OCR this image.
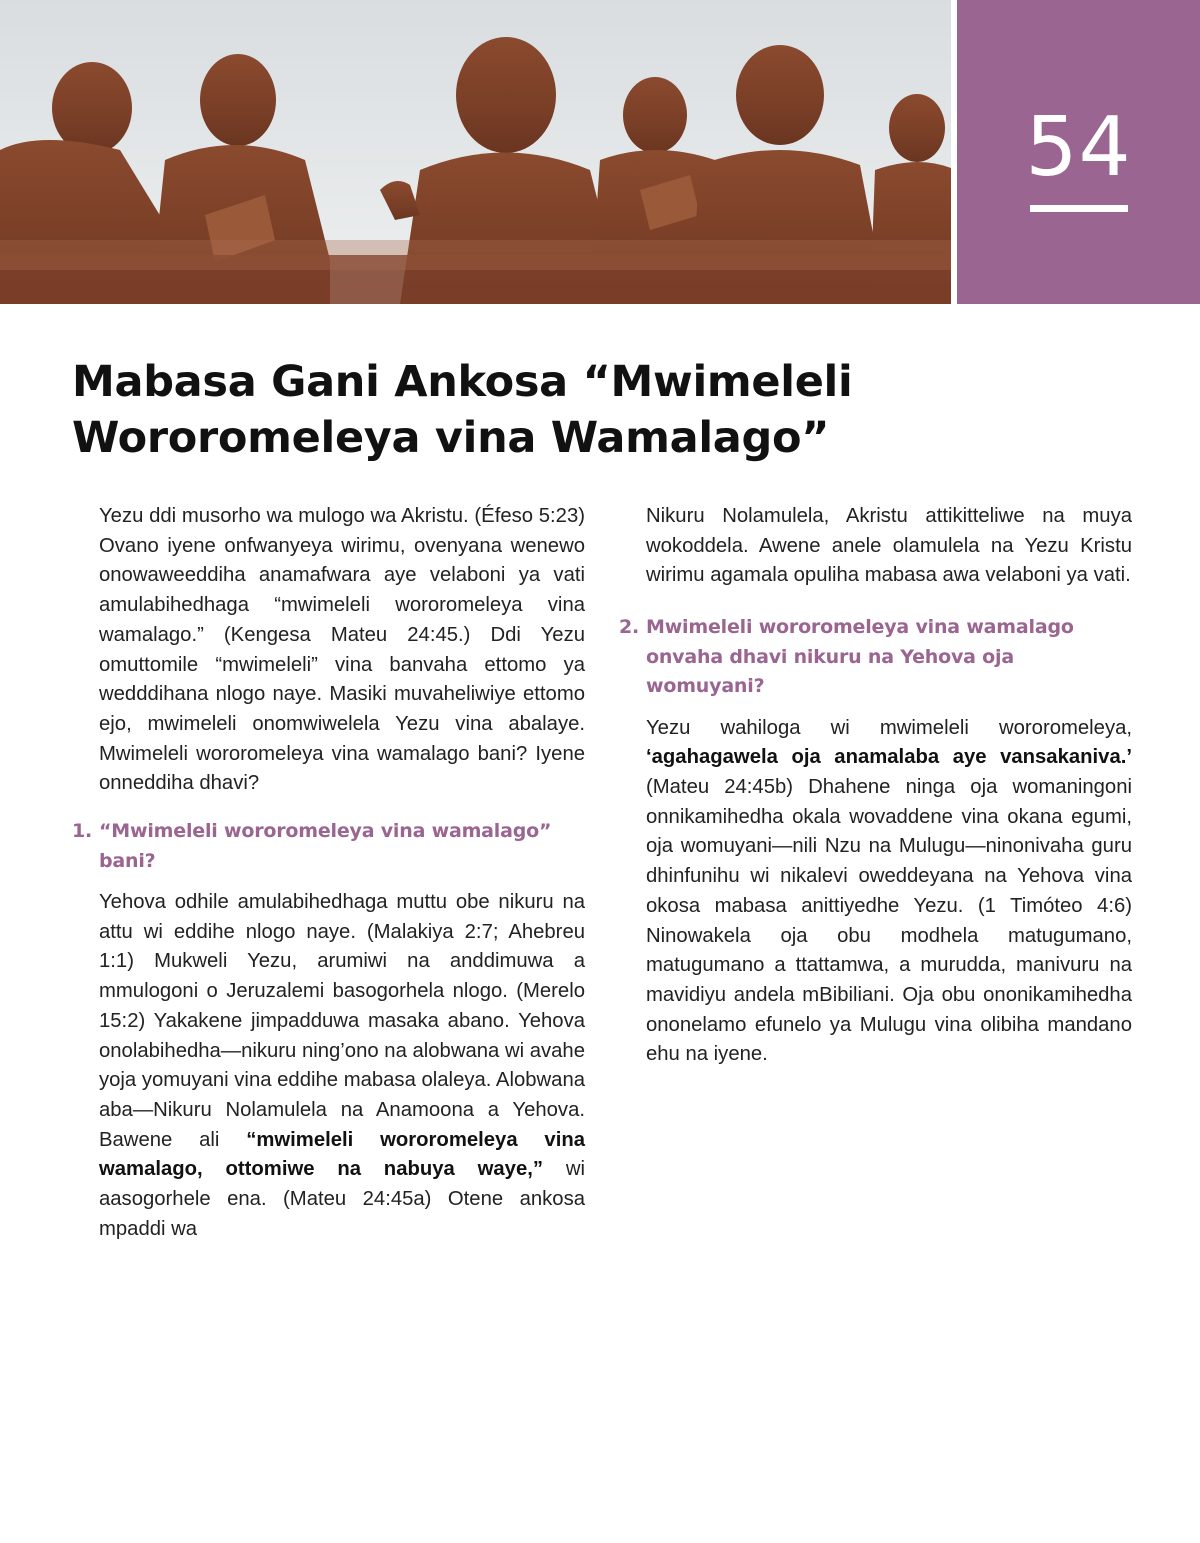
54
Mabasa Gani Ankosa “Mwimeleli
Wororomeleya vina Wamalago”

Yezu ddi musorho wa mulogo wa Akristu. (Éfeso 5:23) Ovano iyene onfwanyeya wirimu, ovenyana wenewo onowaweeddiha anamafwara aye velaboni ya vati amulabihedhaga “mwimeleli wororomeleya vina wamalago.” (Kengesa Mateu 24:45.) Ddi Yezu omuttomile “mwimeleli” vina banvaha ettomo ya wedddihana nlogo naye. Masiki muvaheliwiye ettomo ejo, mwimeleli onomwiwelela Yezu vina abalaye. Mwimeleli wororomeleya vina wamalago bani? Iyene onneddiha dhavi?

1. “Mwimeleli wororomeleya vina wamalago” bani?

Yehova odhile amulabihedhaga muttu obe nikuru na attu wi eddihe nlogo naye. (Malakiya 2:7; Ahebreu 1:1) Mukweli Yezu, arumiwi na anddimuwa a mmulogoni o Jeruzalemi basogorhela nlogo. (Merelo 15:2) Yakakene jimpadduwa masaka abano. Yehova onolabihedha—nikuru ning’ono na alobwana wi avahe yoja yomuyani vina eddihe mabasa olaleya. Alobwana aba—Nikuru Nolamulela na Anamoona a Yehova. Bawene ali “mwimeleli wororomeleya vina wamalago, ottomiwe na nabuya waye,” wi aasogorhele ena. (Mateu 24:45a) Otene ankosa mpaddi wa

Nikuru Nolamulela, Akristu attikitteliwe na muya wokoddela. Awene anele olamulela na Yezu Kristu wirimu agamala opuliha mabasa awa velaboni ya vati.

2. Mwimeleli wororomeleya vina wamalago onvaha dhavi nikuru na Yehova oja womuyani?

Yezu wahiloga wi mwimeleli wororomeleya, ‘agahagawela oja anamalaba aye vansakaniva.’ (Mateu 24:45b) Dhahene ninga oja womaningoni onnikamihedha okala wovaddene vina okana egumi, oja womuyani—nili Nzu na Mulugu—ninonivaha guru dhinfunihu wi nikalevi oweddeyana na Yehova vina okosa mabasa anittiyedhe Yezu. (1 Timóteo 4:6) Ninowakela oja obu modhela matugumano, matugumano a ttattamwa, a murudda, manivuru na mavidiyu andela mBibiliani. Oja obu ononikamihedha ononelamo efunelo ya Mulugu vina olibiha mandano ehu na iyene.
